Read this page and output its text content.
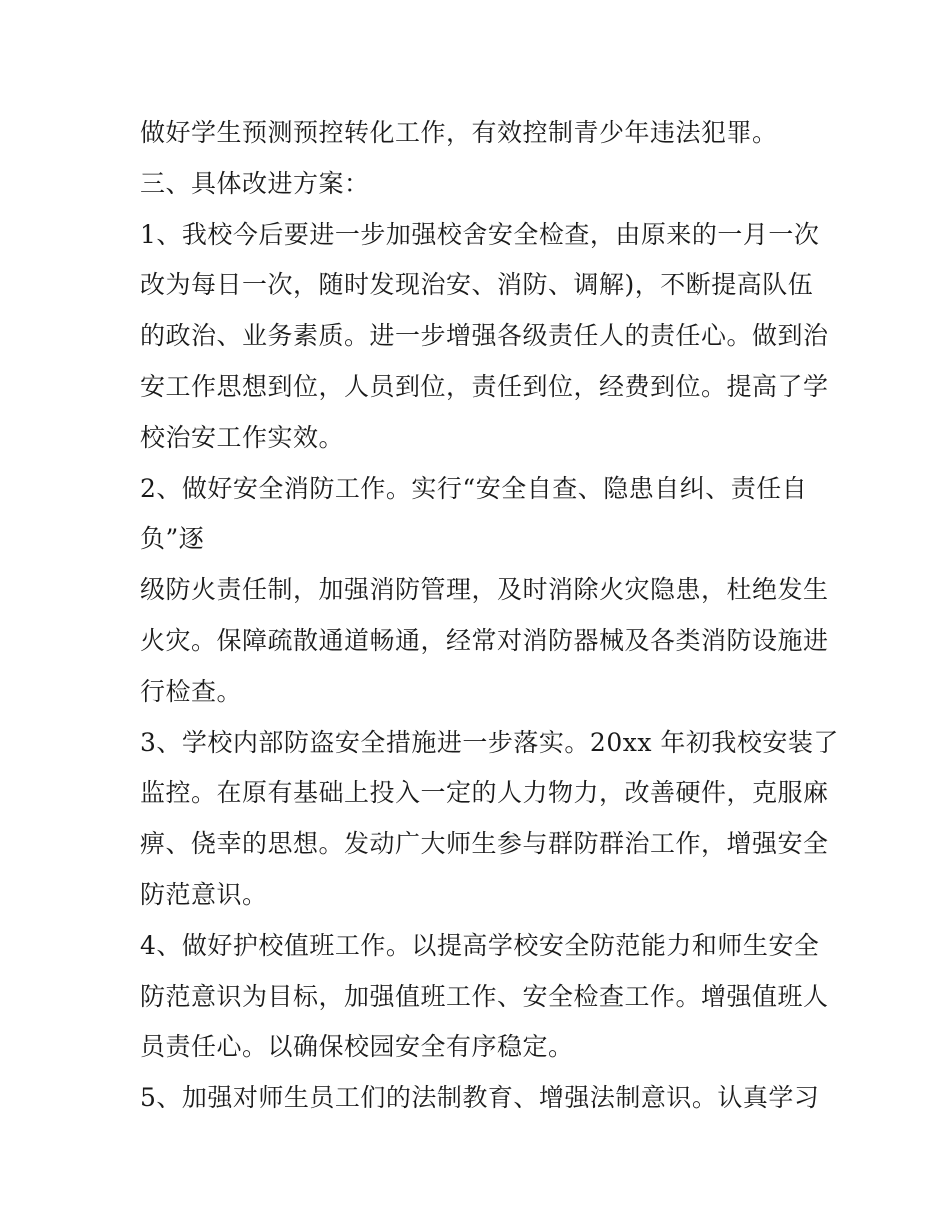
做好学生预测预控转化工作，有效控制青少年违法犯罪。
三、具体改进方案：
1、我校今后要进一步加强校舍安全检查，由原来的一月一次
改为每日一次，随时发现治安、消防、调解)，不断提高队伍
的政治、业务素质。进一步增强各级责任人的责任心。做到治
安工作思想到位，人员到位，责任到位，经费到位。提高了学
校治安工作实效。
2、做好安全消防工作。实行“安全自查、隐患自纠、责任自
负”逐
级防火责任制，加强消防管理，及时消除火灾隐患，杜绝发生
火灾。保障疏散通道畅通，经常对消防器械及各类消防设施进
行检查。
3、学校内部防盗安全措施进一步落实。20xx 年初我校安装了
监控。在原有基础上投入一定的人力物力，改善硬件，克服麻
痹、侥幸的思想。发动广大师生参与群防群治工作，增强安全
防范意识。
4、做好护校值班工作。以提高学校安全防范能力和师生安全
防范意识为目标，加强值班工作、安全检查工作。增强值班人
员责任心。以确保校园安全有序稳定。
5、加强对师生员工们的法制教育、增强法制意识。认真学习
